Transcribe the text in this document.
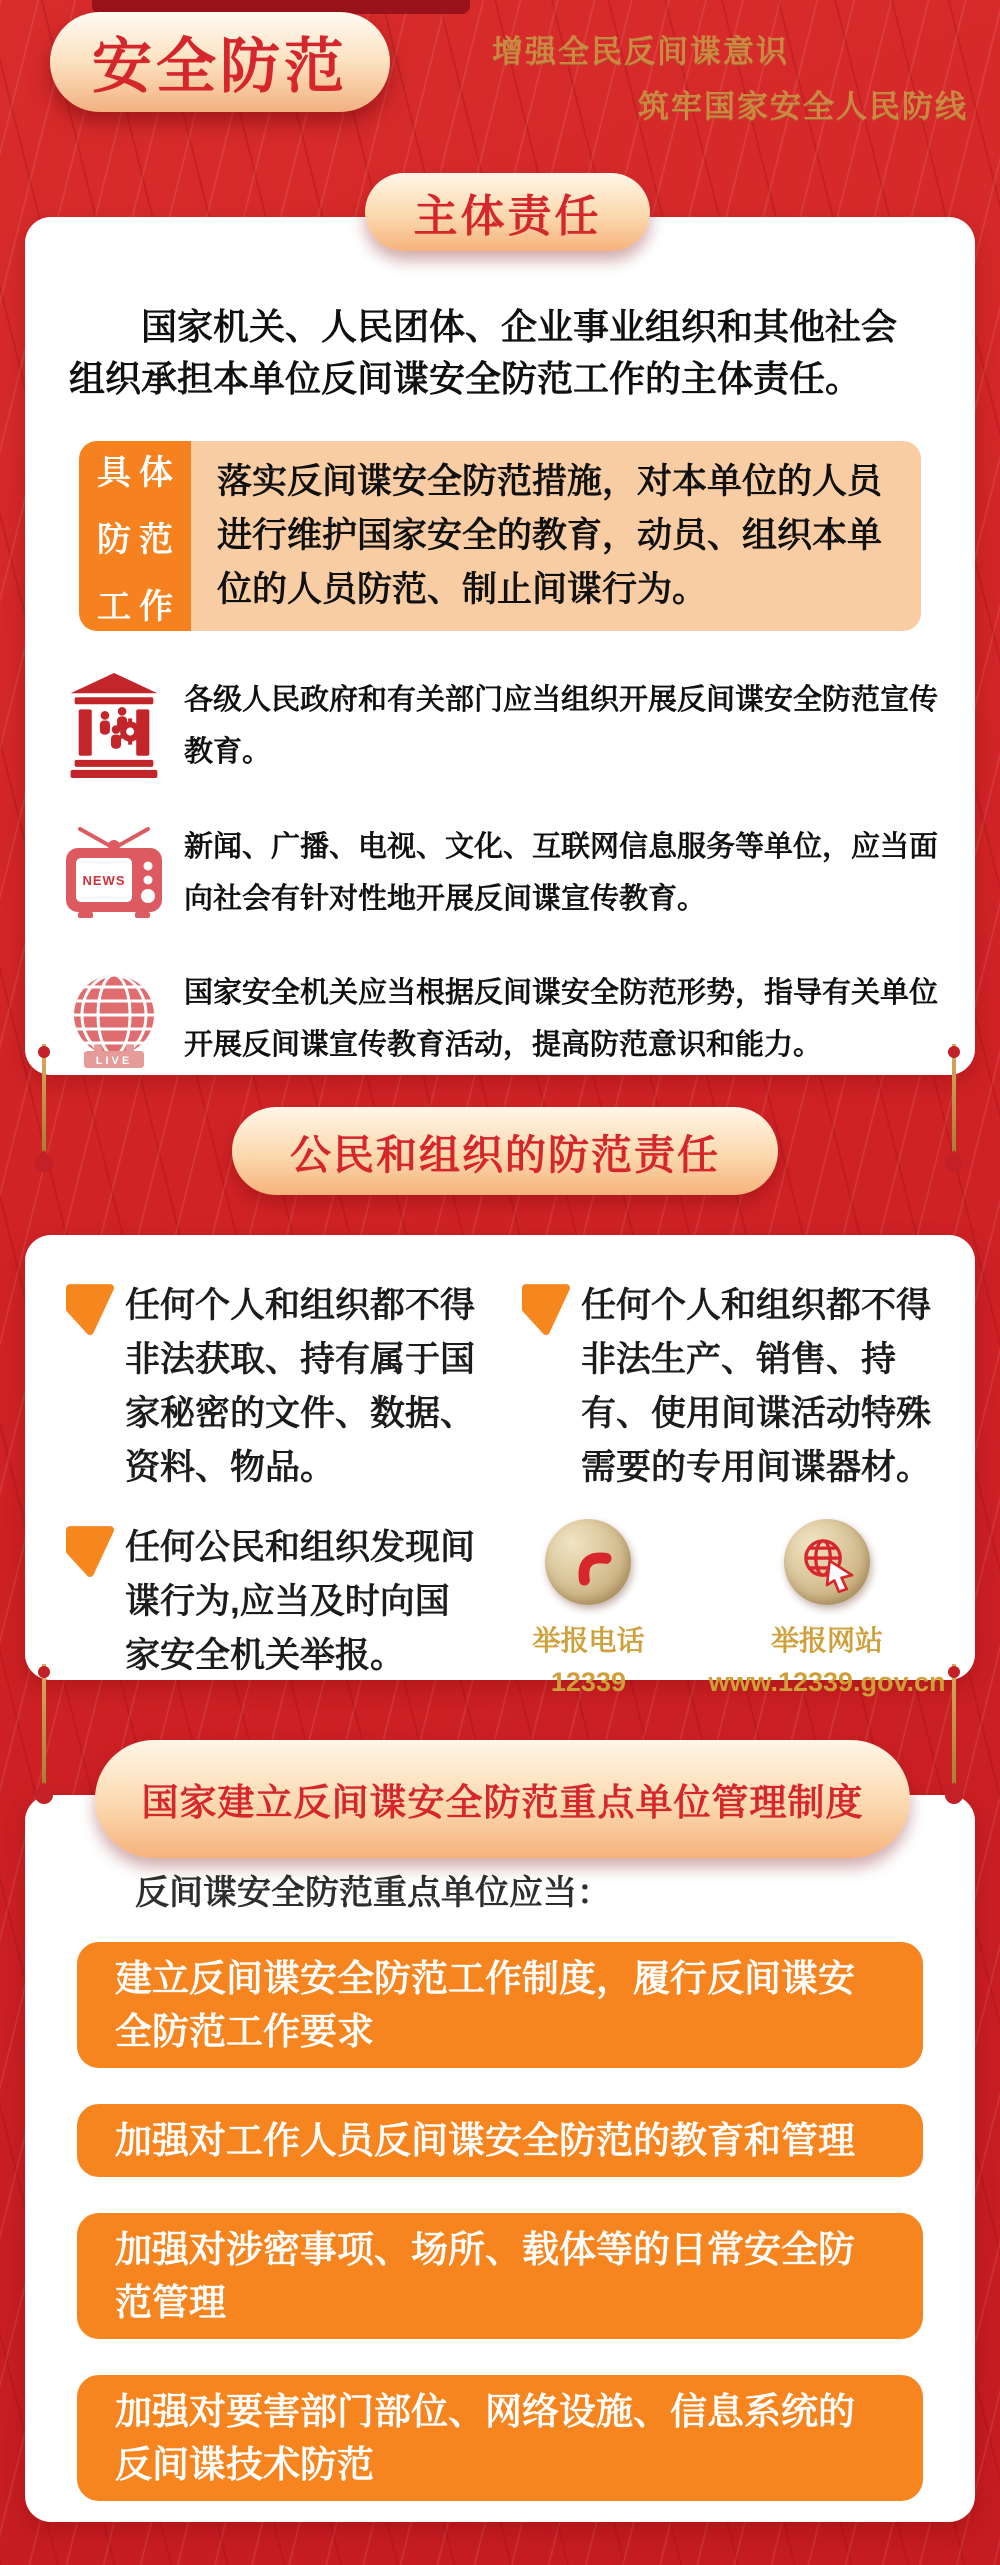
安全防范	增强全民反间谍意识
筑牢国家安全人民防线
主体责任

国家机关、人民团体、企业事业组织和其他社会组织承担本单位反间谍安全防范工作的主体责任。

具体
防范
工作
落实反间谍安全防范措施，对本单位的人员进行维护国家安全的教育，动员、组织本单位的人员防范、制止间谍行为。
各级人民政府和有关部门应当组织开展反间谍安全防范宣传教育。
NEWS
新闻、广播、电视、文化、互联网信息服务等单位，应当面向社会有针对性地开展反间谍宣传教育。
LIVE
国家安全机关应当根据反间谍安全防范形势，指导有关单位开展反间谍宣传教育活动，提高防范意识和能力。
公民和组织的防范责任
任何个人和组织都不得非法获取、持有属于国家秘密的文件、数据、资料、物品。
任何公民和组织发现间谍行为,应当及时向国家安全机关举报。
任何个人和组织都不得非法生产、销售、持有、使用间谍活动特殊需要的专用间谍器材。
举报电话
12339
举报网站
www.12339.gov.cn
国家建立反间谍安全防范重点单位管理制度

反间谍安全防范重点单位应当：

建立反间谍安全防范工作制度，履行反间谍安全防范工作要求
加强对工作人员反间谍安全防范的教育和管理
加强对涉密事项、场所、载体等的日常安全防范管理
加强对要害部门部位、网络设施、信息系统的反间谍技术防范
